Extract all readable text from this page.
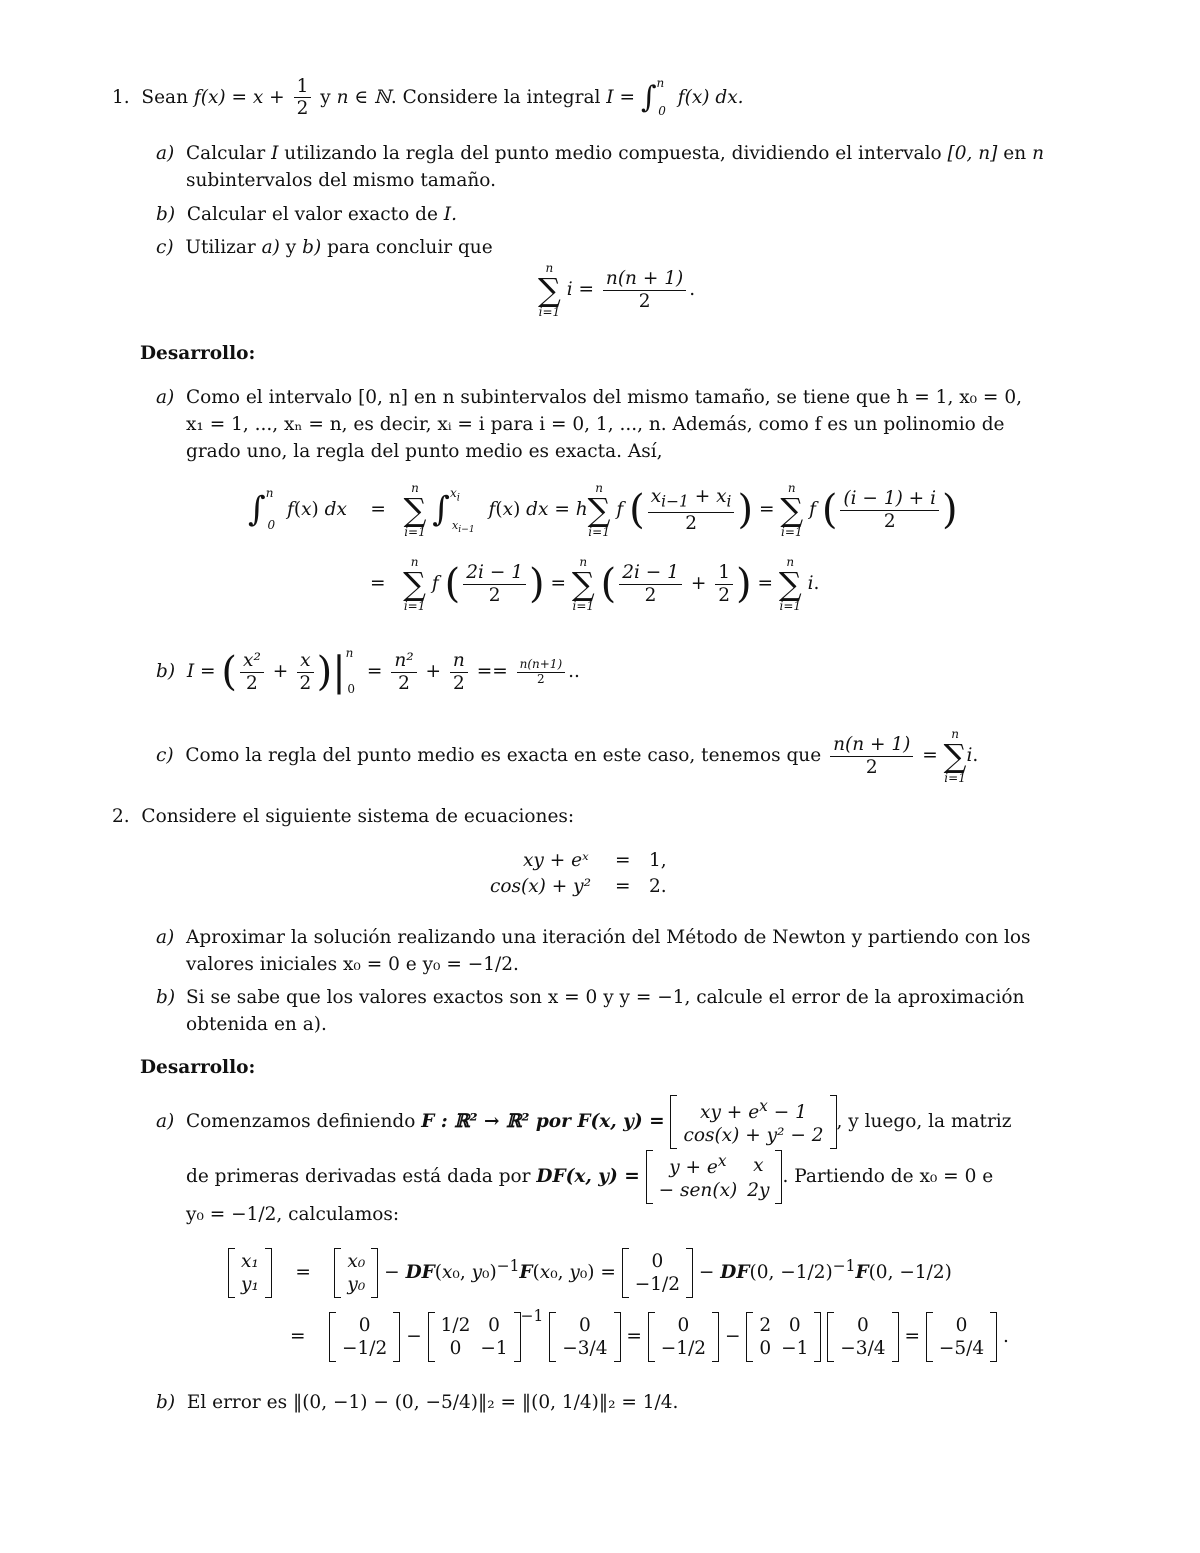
1. Sean $f(x) = x + \frac{1}{2}$ y n ∈ ℕ. Considere la integral I = ∫$^n_0$ f(x) dx.
a) Calcular I utilizando la regla del punto medio compuesta, dividiendo el intervalo [0, n] en n
subintervalos del mismo tamaño.
b) Calcular el valor exacto de I.
c) Utilizar a) y b) para concluir que
n
∑
i=1
$i = \frac{n(n + 1)}{2}$ .
Desarrollo:
a) Como el intervalo [0, n] en n subintervalos del mismo tamaño, se tiene que h = 1, x₀ = 0,
x₁ = 1, ..., xₙ = n, es decir, xᵢ = i para i = 0, 1, ..., n. Además, como f es un polinomio de
grado uno, la regla del punto medio es exacta. Así,
∫$^n_0$ f(x) dx    =
n
∑
i=1
∫$^{x_i}_{x_{i-1}}$ f(x) dx = h
n
∑
i=1
f ( $\frac{x_{i-1} + x_i}{2}$ ) =
n
∑
i=1
f ( $\frac{(i - 1) + i}{2}$ )
=
n
∑
i=1
f ( $\frac{2i - 1}{2}$ ) =
n
∑
i=1 ( $\frac{2i - 1}{2} + \frac{1}{2}$ ) =
n
∑
i=1
i.
b) I = ( $\frac{\text{x²}}{2} + \frac{x}{2} )|^n_0 = \frac{\text{n²}}{2} + \frac{n}{2} == \frac{n(n+1)}{2}$ ..
c) Como la regla del punto medio es exacta en este caso, tenemos que $\frac{n(n + 1)}{2}$ =
n
∑
i=1
i.
2. Considere el siguiente sistema de ecuaciones:
xy + eˣ = 1,
cos(x) + y² = 2.
a) Aproximar la solución realizando una iteración del Método de Newton y partiendo con los
valores iniciales x₀ = 0 e y₀ = −1/2.
b) Si se sabe que los valores exactos son x = 0 y y = −1, calcule el error de la aproximación
obtenida en a).
Desarrollo:
a) Comenzamos definiendo F : ℝ² → ℝ² por F(x, y) = xy + $e^x - 1$
cos(x) + y² − 2
, y luego, la matriz
de primeras derivadas está dada por DF(x, $y) = y + e^x$	x
− sen(x)	2y
. Partiendo de x₀ = 0 e
y₀ = −1/2, calculamos:
x₁
y₁
=
x₀
y₀
− DF(x₀, y₀)$^{-1}$F(x₀, y₀) =
0
−1/2
− DF(0, −1/2)$^{-1}$F(0, −1/2)
=
0
−1/2
−
1/2	0
0	−1
$^{-1}$ 0
−3/4
=
0
−1/2
−
2	0
0	−1

0
−3/4
=
0
−5/4
.
b) El error es ‖(0, −1) − (0, −5/4)‖₂ = ‖(0, 1/4)‖₂ = 1/4.
